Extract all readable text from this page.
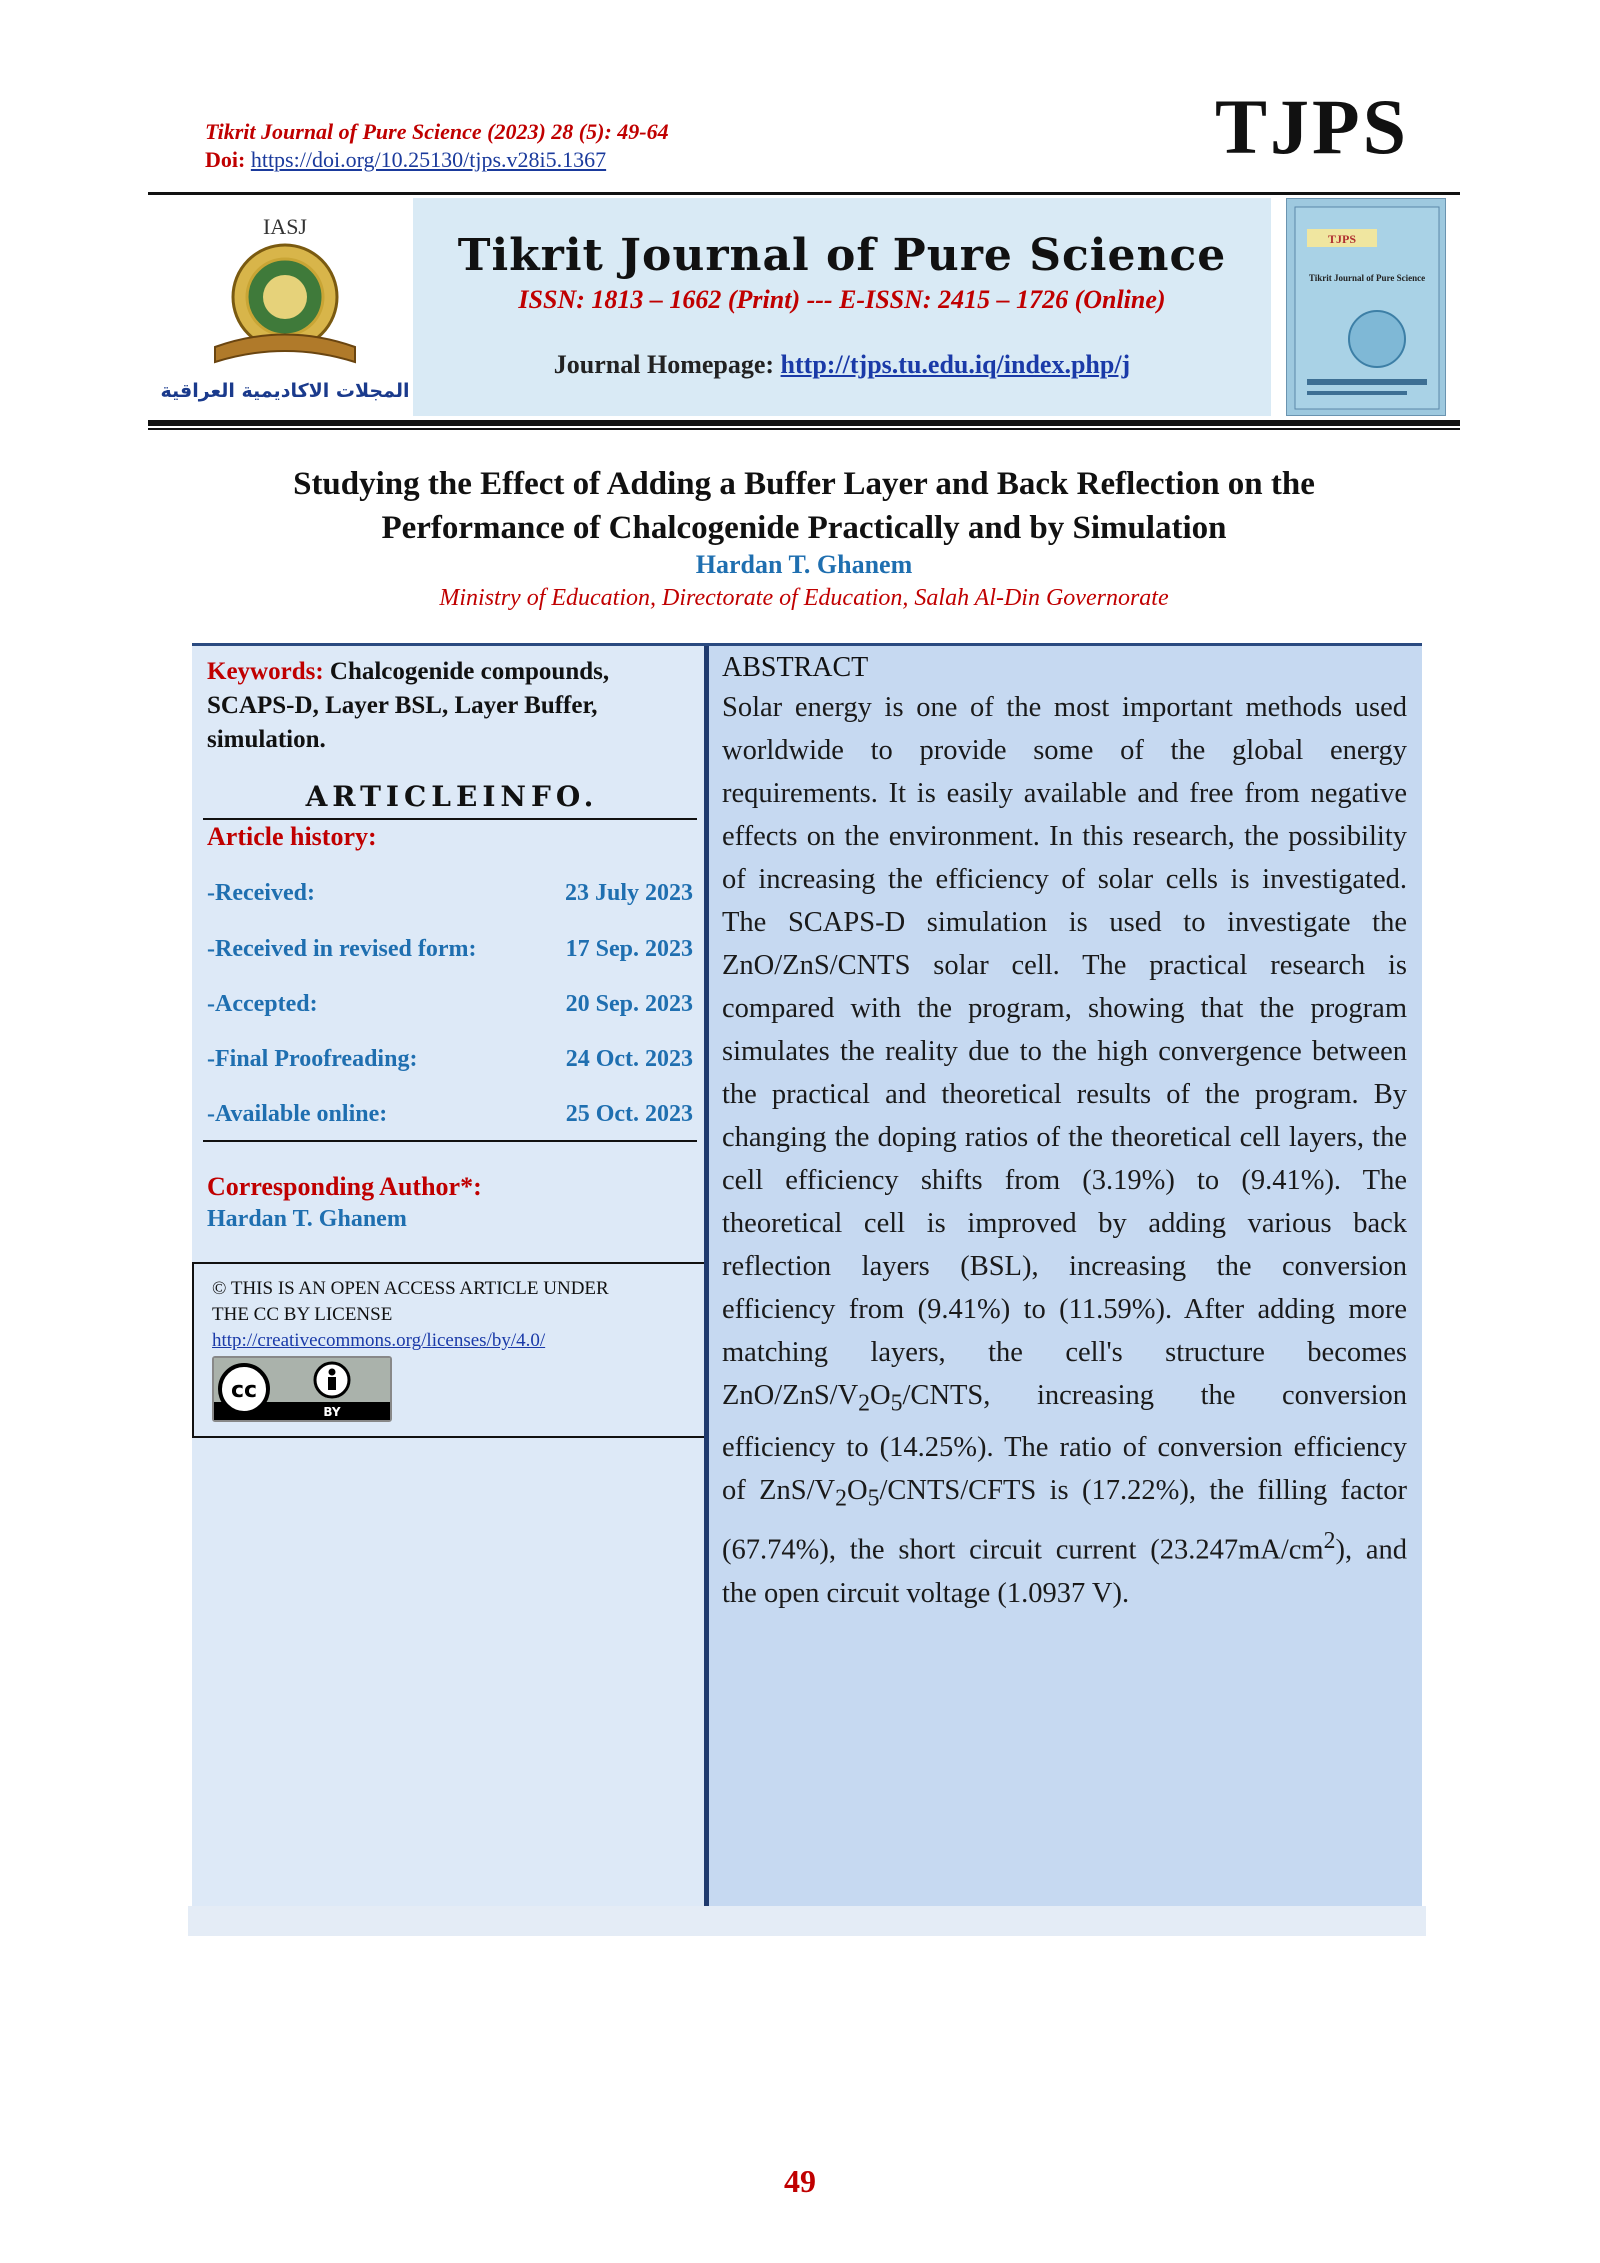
Tikrit Journal of Pure Science (2023) 28 (5): 49-64
Doi: https://doi.org/10.25130/tjps.v28i5.1367	TJPS
IASJ
المجلات الاكاديمية العراقية
Tikrit Journal of Pure Science
ISSN: 1813 – 1662 (Print) --- E-ISSN: 2415 – 1726 (Online)
Journal Homepage: http://tjps.tu.edu.iq/index.php/j
TJPS
Tikrit Journal of Pure Science
Studying the Effect of Adding a Buffer Layer and Back Reflection on the
Performance of Chalcogenide Practically and by Simulation
Hardan T. Ghanem
Ministry of Education, Directorate of Education, Salah Al-Din Governorate
Keywords: Chalcogenide compounds, SCAPS-D, Layer BSL, Layer Buffer, simulation.
ARTICLEINFO.
Article history:
-Received:	23 July 2023
-Received in revised form:	17 Sep. 2023
-Accepted:	20 Sep. 2023
-Final Proofreading:	24 Oct. 2023
-Available online:	25 Oct. 2023
Corresponding Author*:
Hardan T. Ghanem
© THIS IS AN OPEN ACCESS ARTICLE UNDER
THE CC BY LICENSE
http://creativecommons.org/licenses/by/4.0/
cc
BY
ABSTRACT
Solar energy is one of the most important methods used worldwide to provide some of the global energy requirements. It is easily available and free from negative effects on the environment. In this research, the possibility of increasing the efficiency of solar cells is investigated. The SCAPS-D simulation is used to investigate the ZnO/ZnS/CNTS solar cell. The practical research is compared with the program, showing that the program simulates the reality due to the high convergence between the practical and theoretical results of the program. By changing the doping ratios of the theoretical cell layers, the cell efficiency shifts from (3.19%) to (9.41%). The theoretical cell is improved by adding various back reflection layers (BSL), increasing the conversion efficiency from (9.41%) to (11.59%). After adding more matching layers, the cell's structure becomes ZnO/$ZnS/V_2O_5$/CNTS, increasing the conversion efficiency to (14.25%). The ratio of conversion efficiency of ZnS/$V_2O_5/CNTS$/CFTS is (17.22%), the filling factor (67.74%), the short circuit current $(23.247mA/cm^2)$, and the open circuit voltage (1.0937 V).
49
